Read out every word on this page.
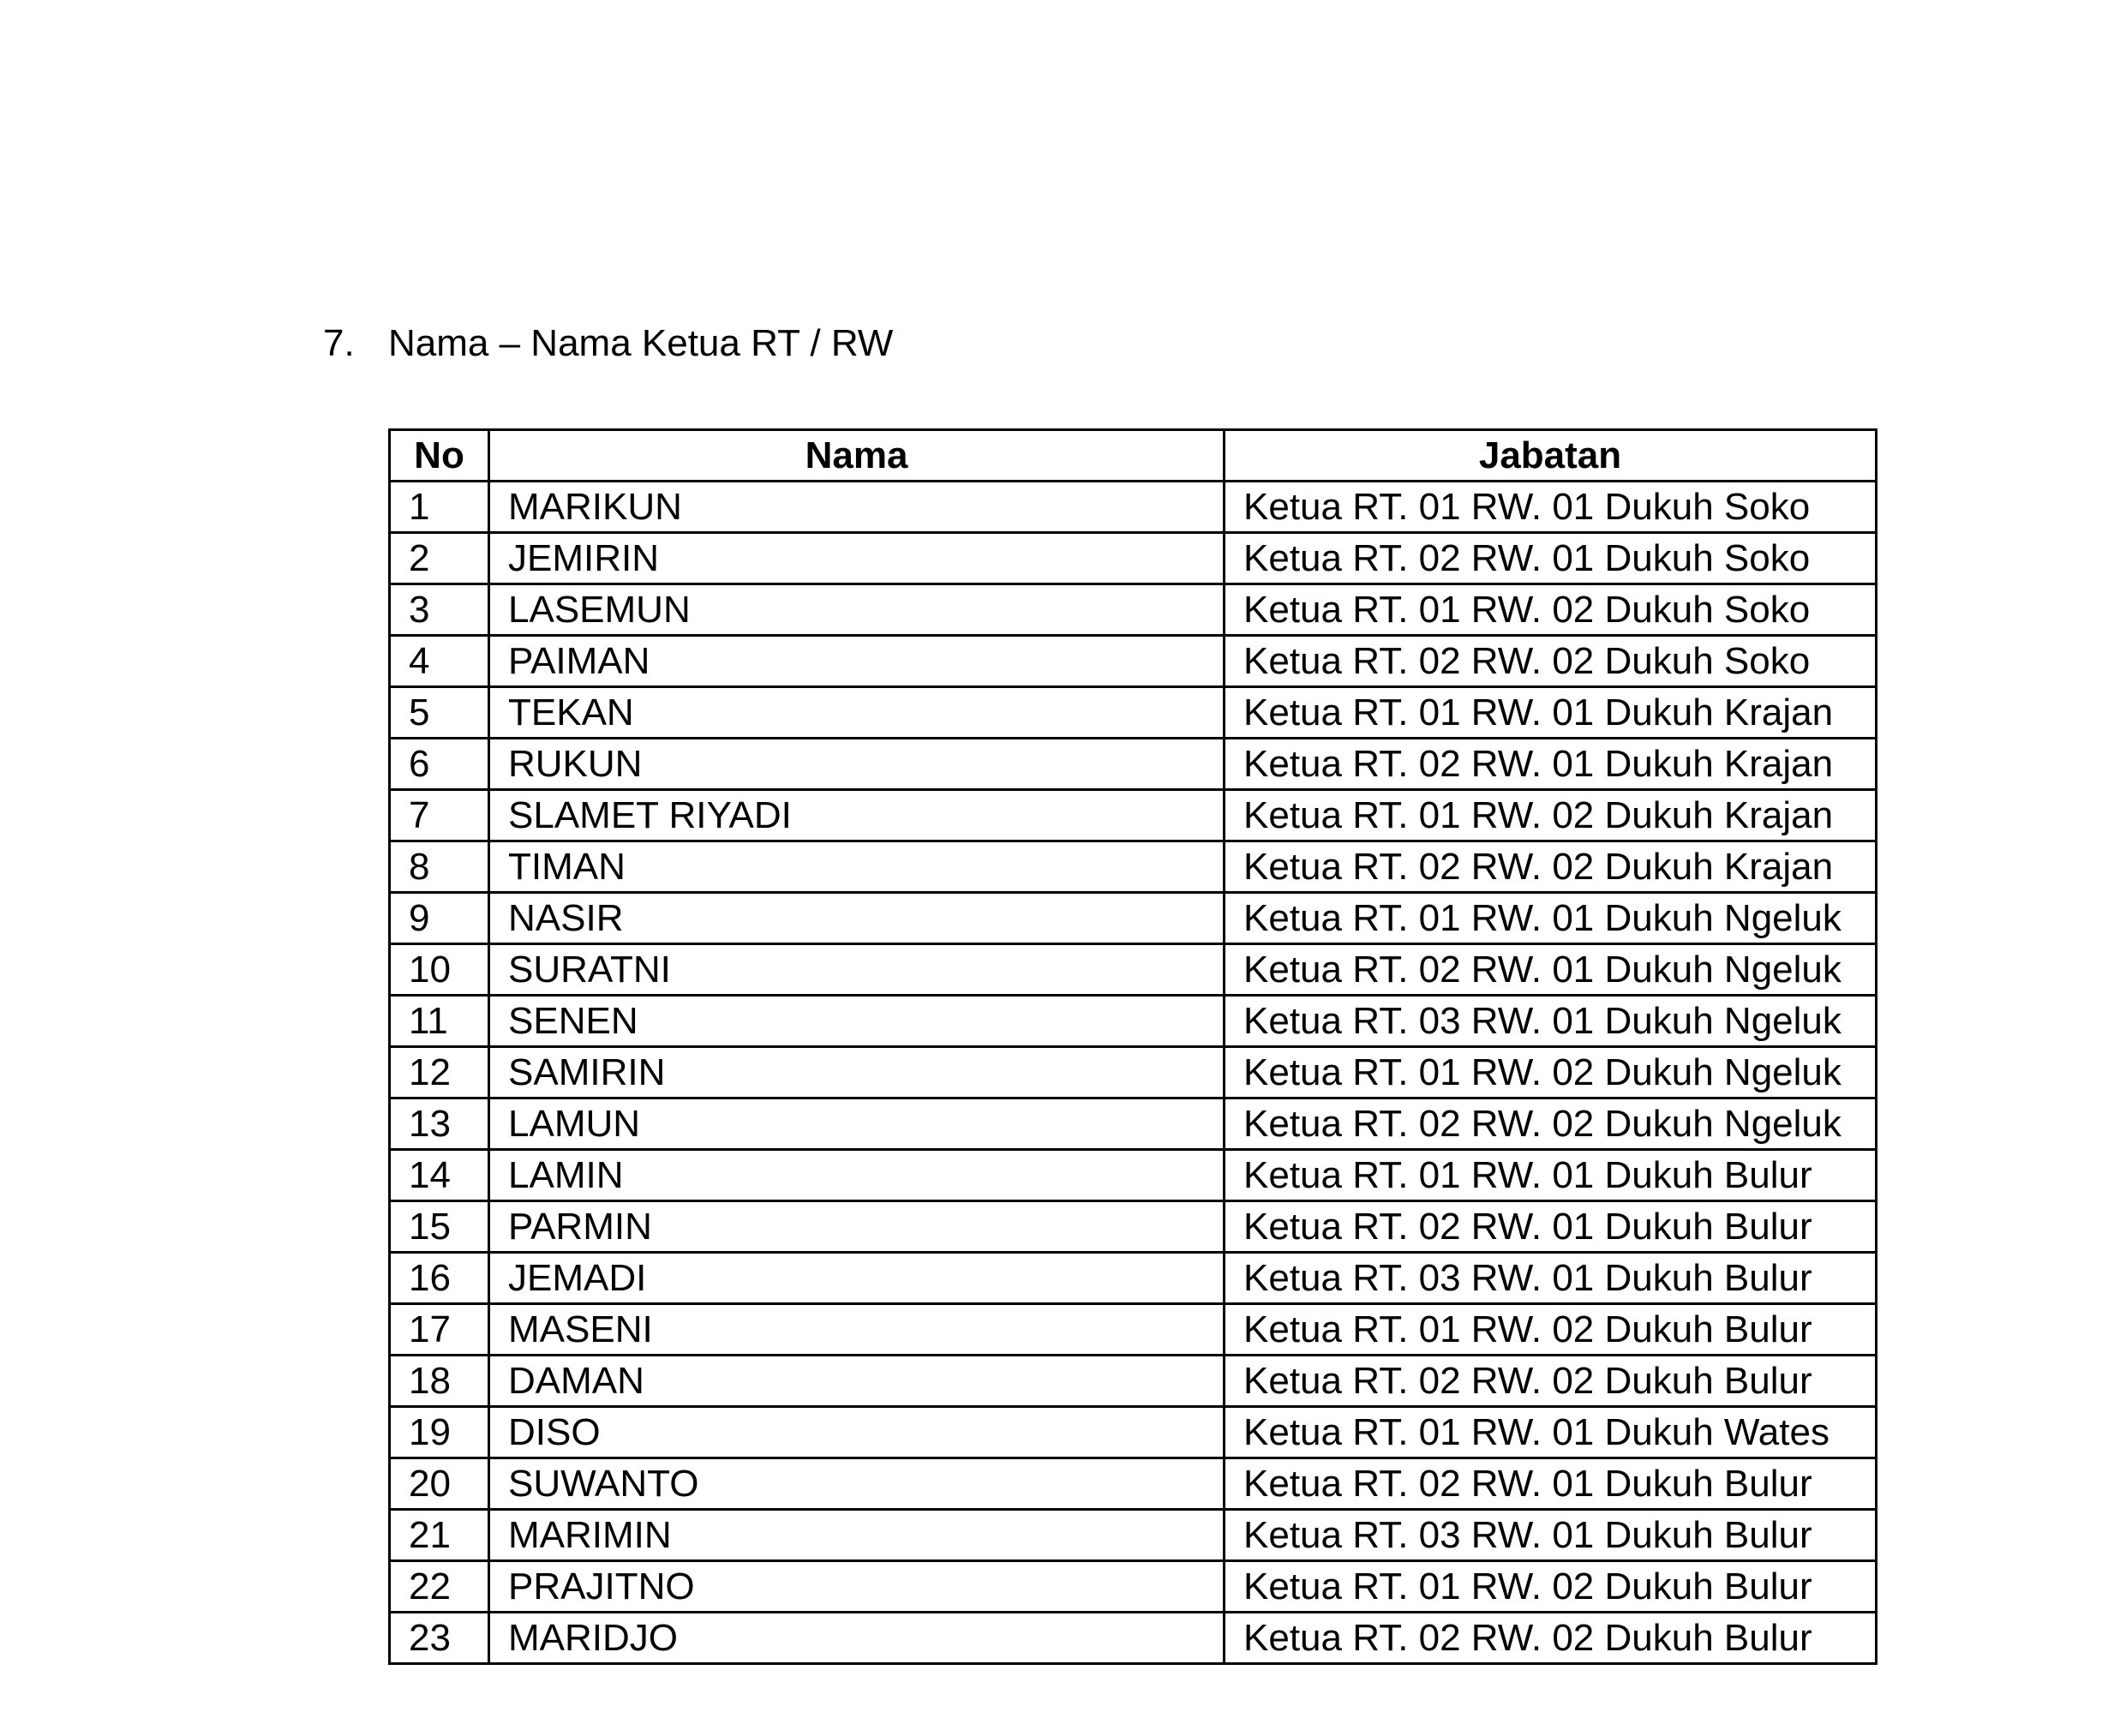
7. Nama – Nama Ketua RT / RW
No	Nama	Jabatan
1	MARIKUN	Ketua RT. 01 RW. 01 Dukuh Soko
2	JEMIRIN	Ketua RT. 02 RW. 01 Dukuh Soko
3	LASEMUN	Ketua RT. 01 RW. 02 Dukuh Soko
4	PAIMAN	Ketua RT. 02 RW. 02 Dukuh Soko
5	TEKAN	Ketua RT. 01 RW. 01 Dukuh Krajan
6	RUKUN	Ketua RT. 02 RW. 01 Dukuh Krajan
7	SLAMET RIYADI	Ketua RT. 01 RW. 02 Dukuh Krajan
8	TIMAN	Ketua RT. 02 RW. 02 Dukuh Krajan
9	NASIR	Ketua RT. 01 RW. 01 Dukuh Ngeluk
10	SURATNI	Ketua RT. 02 RW. 01 Dukuh Ngeluk
11	SENEN	Ketua RT. 03 RW. 01 Dukuh Ngeluk
12	SAMIRIN	Ketua RT. 01 RW. 02 Dukuh Ngeluk
13	LAMUN	Ketua RT. 02 RW. 02 Dukuh Ngeluk
14	LAMIN	Ketua RT. 01 RW. 01 Dukuh Bulur
15	PARMIN	Ketua RT. 02 RW. 01 Dukuh Bulur
16	JEMADI	Ketua RT. 03 RW. 01 Dukuh Bulur
17	MASENI	Ketua RT. 01 RW. 02 Dukuh Bulur
18	DAMAN	Ketua RT. 02 RW. 02 Dukuh Bulur
19	DISO	Ketua RT. 01 RW. 01 Dukuh Wates
20	SUWANTO	Ketua RT. 02 RW. 01 Dukuh Bulur
21	MARIMIN	Ketua RT. 03 RW. 01 Dukuh Bulur
22	PRAJITNO	Ketua RT. 01 RW. 02 Dukuh Bulur
23	MARIDJO	Ketua RT. 02 RW. 02 Dukuh Bulur
